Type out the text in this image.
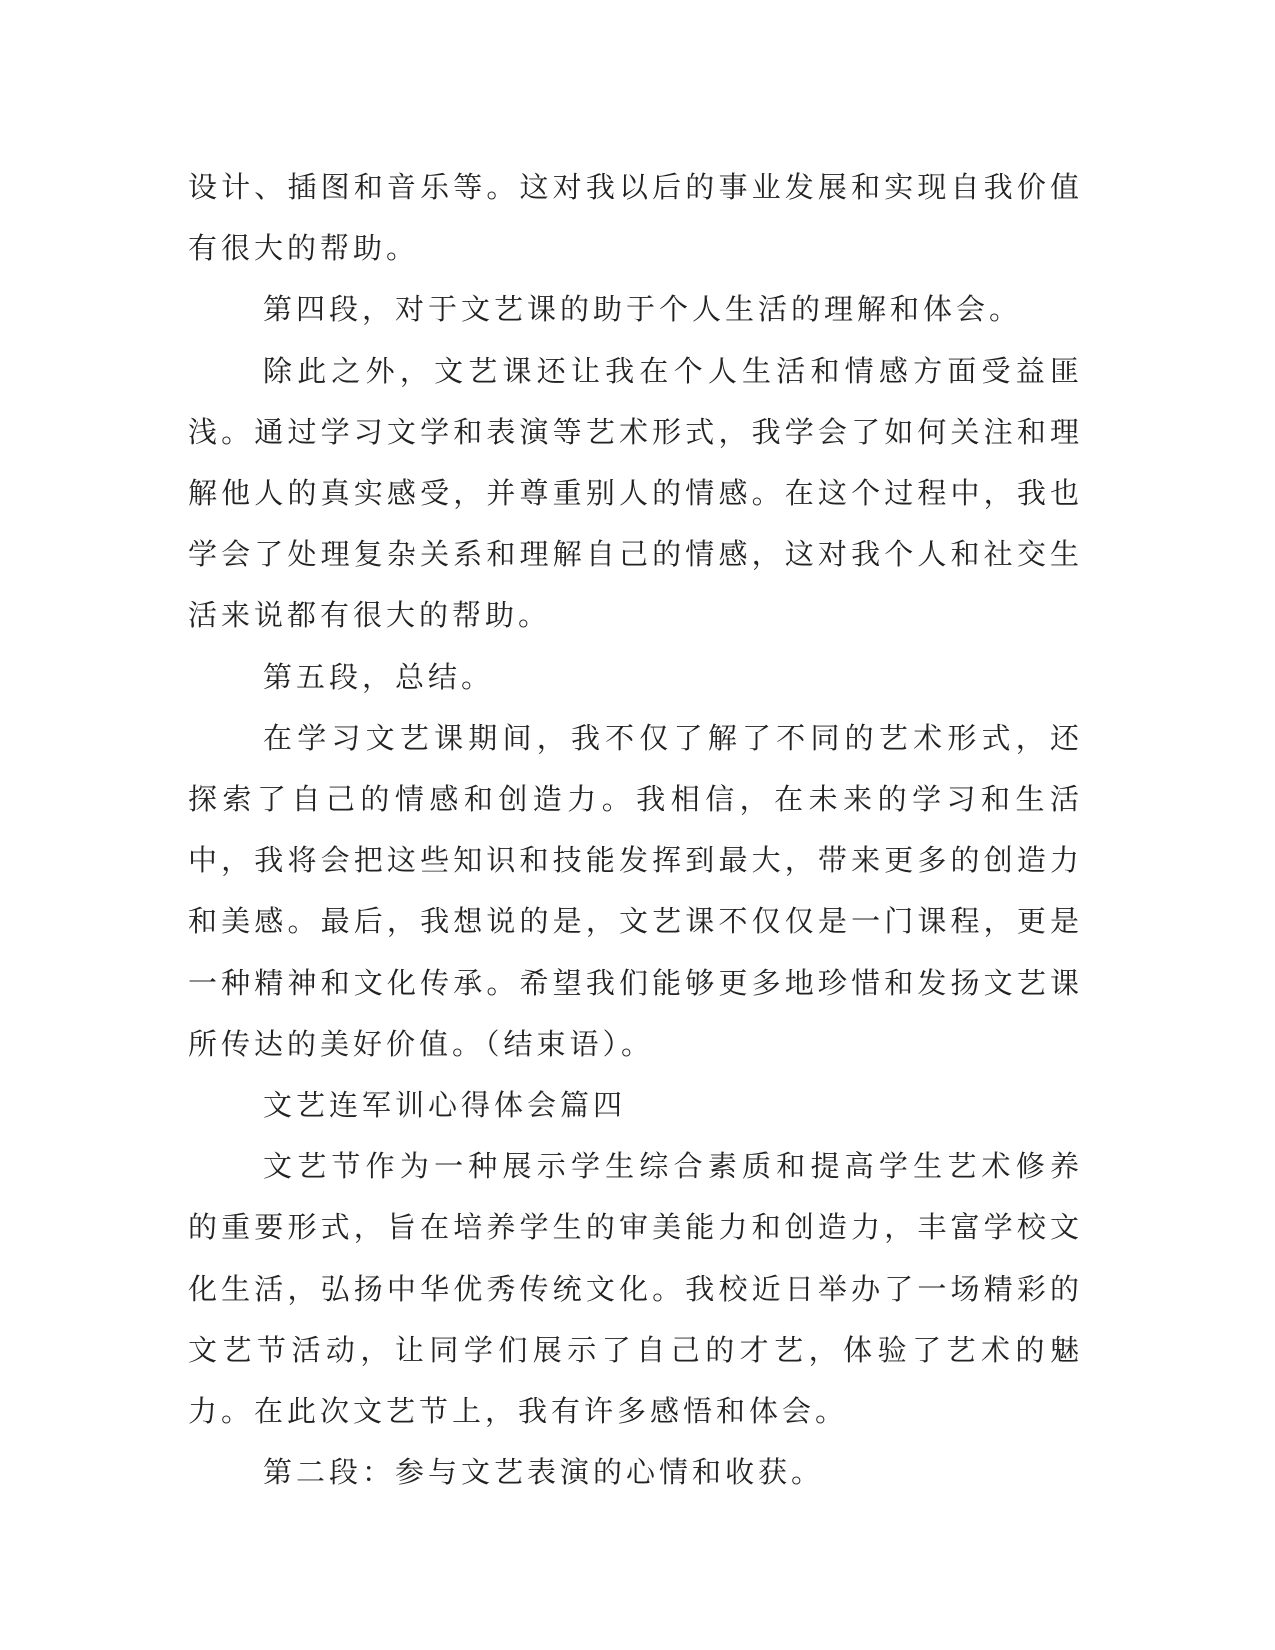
设计、插图和音乐等。这对我以后的事业发展和实现自我价值有很大的帮助。

第四段，对于文艺课的助于个人生活的理解和体会。

除此之外，文艺课还让我在个人生活和情感方面受益匪浅。通过学习文学和表演等艺术形式，我学会了如何关注和理解他人的真实感受，并尊重别人的情感。在这个过程中，我也学会了处理复杂关系和理解自己的情感，这对我个人和社交生活来说都有很大的帮助。

第五段，总结。

在学习文艺课期间，我不仅了解了不同的艺术形式，还探索了自己的情感和创造力。我相信，在未来的学习和生活中，我将会把这些知识和技能发挥到最大，带来更多的创造力和美感。最后，我想说的是，文艺课不仅仅是一门课程，更是一种精神和文化传承。希望我们能够更多地珍惜和发扬文艺课所传达的美好价值。（结束语）。

文艺连军训心得体会篇四

文艺节作为一种展示学生综合素质和提高学生艺术修养的重要形式，旨在培养学生的审美能力和创造力，丰富学校文化生活，弘扬中华优秀传统文化。我校近日举办了一场精彩的文艺节活动，让同学们展示了自己的才艺，体验了艺术的魅力。在此次文艺节上，我有许多感悟和体会。

第二段：参与文艺表演的心情和收获。
